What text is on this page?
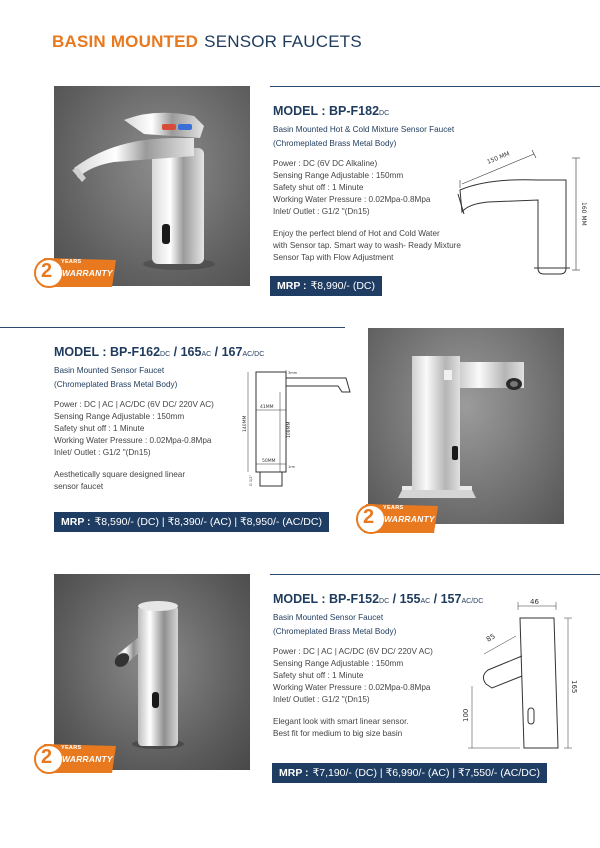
BASIN MOUNTED SENSOR FAUCETS
2 YEARS
WARRANTY
MODEL : BP-F182DC
Basin Mounted Hot & Cold Mixture Sensor Faucet
(Chromeplated Brass Metal Body)
Power : DC (6V DC Alkaline)
Sensing Range Adjustable : 150mm
Safety shut off : 1 Minute
Working Water Pressure : 0.02Mpa-0.8Mpa
Inlet/ Outlet : G1/2 "(Dn15)
Enjoy the perfect blend of Hot and Cold Water
with Sensor tap. Smart way to wash- Ready Mixture
Sensor Tap with Flow Adjustment
MRP : ₹8,990/- (DC)
150 MM
160 MM
MODEL : BP-F162DC / 165AC / 167AC/DC
Basin Mounted Sensor Faucet
(Chromeplated Brass Metal Body)
Power : DC | AC | AC/DC (6V DC/ 220V AC)
Sensing Range Adjustable : 150mm
Safety shut off : 1 Minute
Working Water Pressure : 0.02Mpa-0.8Mpa
Inlet/ Outlet : G1/2 "(Dn15)
Aesthetically square designed linear
sensor faucet
140MM
41MM
108MM
50MM
3mm
1rm
G 1/2"
2 YEARS
WARRANTY
MRP : ₹8,590/- (DC) | ₹8,390/- (AC) | ₹8,950/- (AC/DC)
2 YEARS
WARRANTY
MODEL : BP-F152DC / 155AC / 157AC/DC
Basin Mounted Sensor Faucet
(Chromeplated Brass Metal Body)
Power : DC | AC | AC/DC (6V DC/ 220V AC)
Sensing Range Adjustable : 150mm
Safety shut off : 1 Minute
Working Water Pressure : 0.02Mpa-0.8Mpa
Inlet/ Outlet : G1/2 "(Dn15)
Elegant look with smart linear sensor.
Best fit for medium to big size basin
46
85
165
100
MRP : ₹7,190/- (DC) | ₹6,990/- (AC) | ₹7,550/- (AC/DC)
